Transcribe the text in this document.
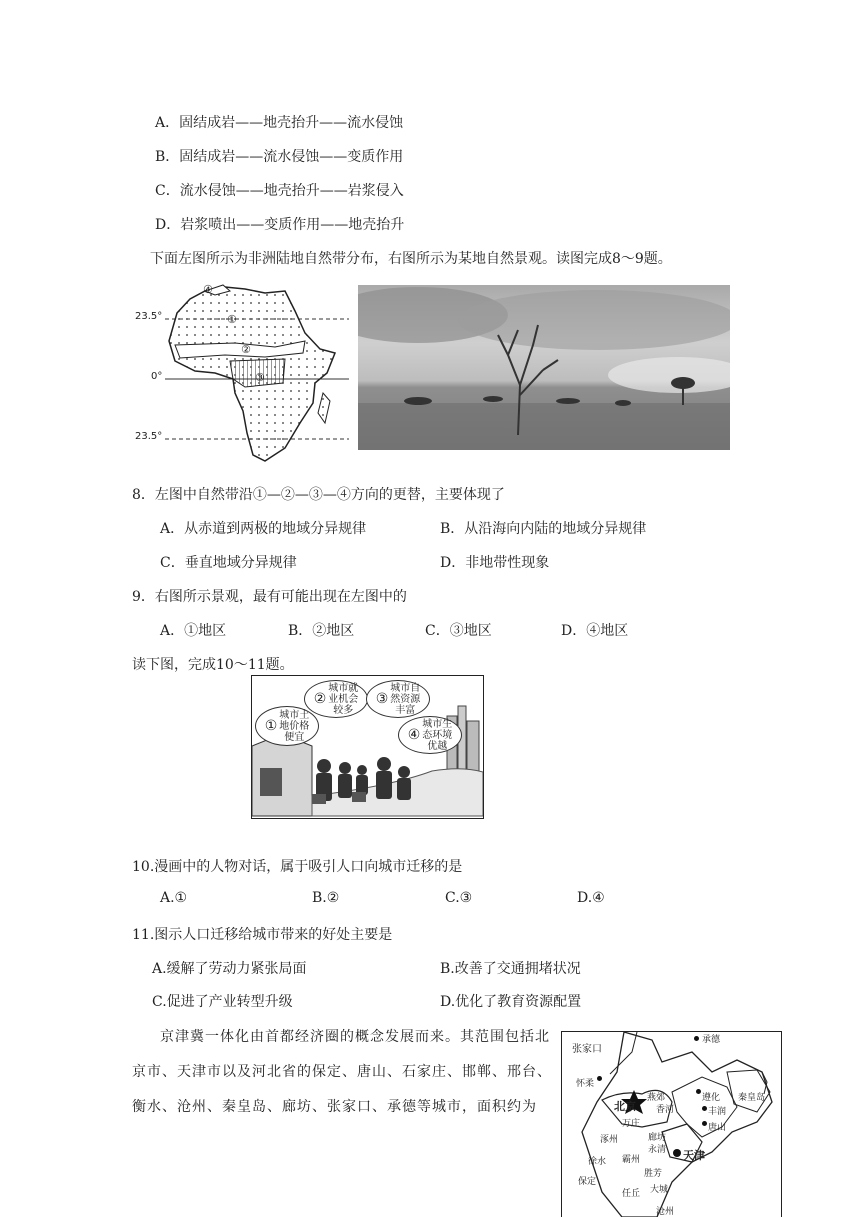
A．固结成岩——地壳抬升——流水侵蚀
B．固结成岩——流水侵蚀——变质作用
C．流水侵蚀——地壳抬升——岩浆侵入
D．岩浆喷出——变质作用——地壳抬升
下面左图所示为非洲陆地自然带分布，右图所示为某地自然景观。读图完成8～9题。
23.5°
0°
23.5°
①
②
③
④
8．左图中自然带沿①—②—③—④方向的更替，主要体现了
A．从赤道到两极的地域分异规律	B．从沿海向内陆的地域分异规律
C．垂直地域分异规律	D．非地带性现象
9．右图所示景观，最有可能出现在左图中的
A．①地区	B．②地区	C．③地区	D．④地区
读下图，完成10～11题。
①
城市土地价格便宜
②
城市就业机会较多
③
城市自然资源丰富
④
城市生态环境优越
10.漫画中的人物对话，属于吸引人口向城市迁移的是
A.①	B.②	C.③	D.④
11.图示人口迁移给城市带来的好处主要是
A.缓解了劳动力紧张局面	B.改善了交通拥堵状况
C.促进了产业转型升级	D.优化了教育资源配置
京津冀一体化由首都经济圈的概念发展而来。其范围包括北
京市、天津市以及河北省的保定、唐山、石家庄、邯郸、邢台、
衡水、沧州、秦皇岛、廊坊、张家口、承德等城市，面积约为
张家口
承德
怀柔
北京
秦皇岛
遵化
燕郊
香河	丰润
唐山
万庄
涿州	廊坊
永清 天津
徐水 霸州
保定
胜芳
任丘 大城
沧州
